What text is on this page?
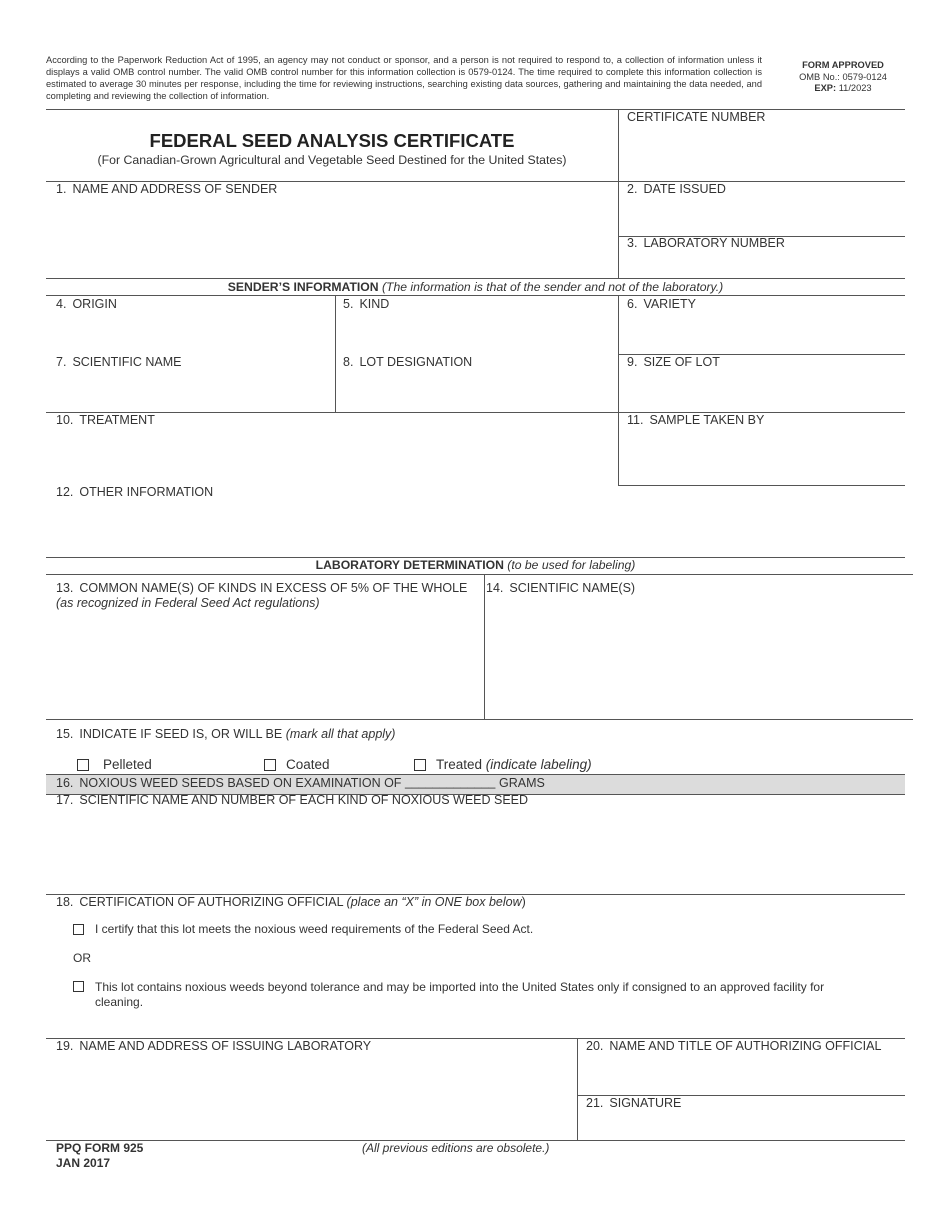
According to the Paperwork Reduction Act of 1995, an agency may not conduct or sponsor, and a person is not required to respond to, a collection of information unless it displays a valid OMB control number. The valid OMB control number for this information collection is 0579-0124. The time required to complete this information collection is estimated to average 30 minutes per response, including the time for reviewing instructions, searching existing data sources, gathering and maintaining the data needed, and completing and reviewing the collection of information.
FORM APPROVED
OMB No.: 0579-0124
EXP: 11/2023
FEDERAL SEED ANALYSIS CERTIFICATE
(For Canadian-Grown Agricultural and Vegetable Seed Destined for the United States)
CERTIFICATE NUMBER
1. NAME AND ADDRESS OF SENDER	2. DATE ISSUED
3. LABORATORY NUMBER
SENDER’S INFORMATION (The information is that of the sender and not of the laboratory.)
4. ORIGIN	5. KIND	6. VARIETY
7. SCIENTIFIC NAME	8. LOT DESIGNATION	9. SIZE OF LOT
10. TREATMENT	11. SAMPLE TAKEN BY
12. OTHER INFORMATION
LABORATORY DETERMINATION (to be used for labeling)
13. COMMON NAME(S) OF KINDS IN EXCESS OF 5% OF THE WHOLE
(as recognized in Federal Seed Act regulations)
14. SCIENTIFIC NAME(S)
15. INDICATE IF SEED IS, OR WILL BE (mark all that apply)
Pelleted	Coated	Treated (indicate labeling)
16. NOXIOUS WEED SEEDS BASED ON EXAMINATION OF _____________ GRAMS
17. SCIENTIFIC NAME AND NUMBER OF EACH KIND OF NOXIOUS WEED SEED
18. CERTIFICATION OF AUTHORIZING OFFICIAL (place an “X” in ONE box below)
I certify that this lot meets the noxious weed requirements of the Federal Seed Act.
OR
This lot contains noxious weeds beyond tolerance and may be imported into the United States only if consigned to an approved facility for cleaning.
19. NAME AND ADDRESS OF ISSUING LABORATORY	20. NAME AND TITLE OF AUTHORIZING OFFICIAL
21. SIGNATURE
PPQ FORM 925
JAN 2017
(All previous editions are obsolete.)
